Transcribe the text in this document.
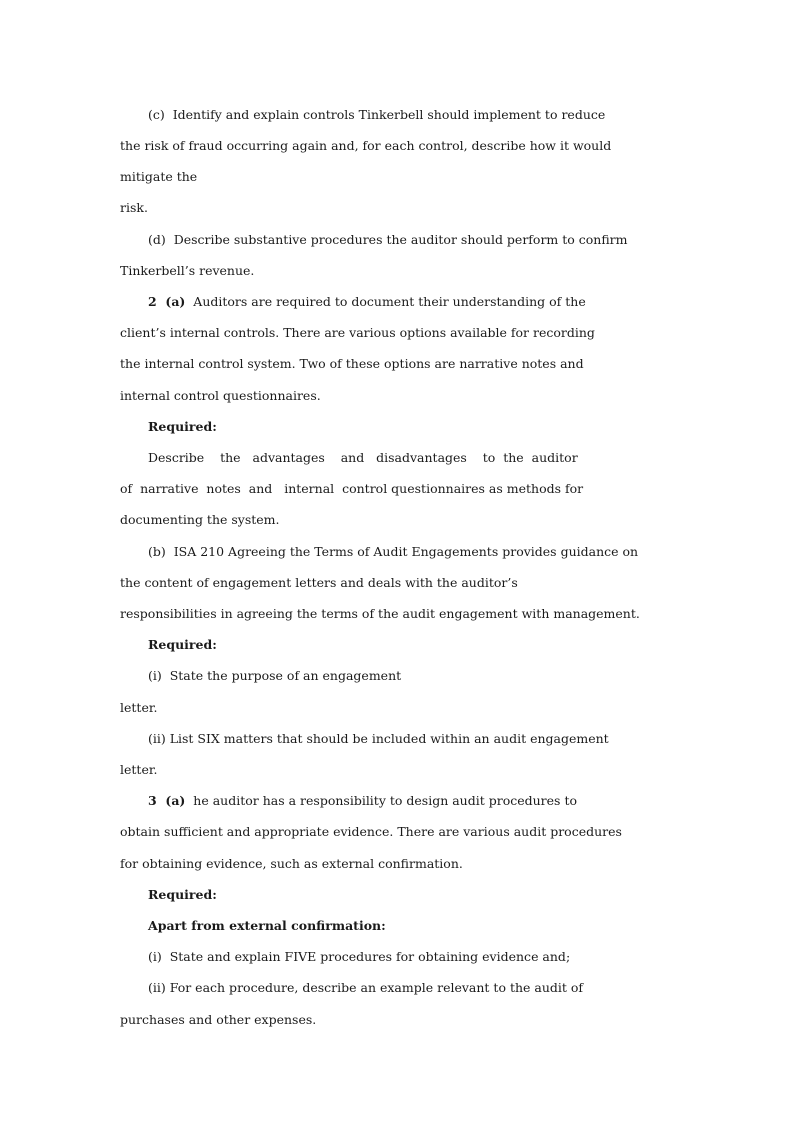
(c)  Identify and explain controls Tinkerbell should implement to reduce
the risk of fraud occurring again and, for each control, describe how it would
mitigate the
risk.
(d)  Describe substantive procedures the auditor should perform to confirm
Tinkerbell’s revenue.
2  (a) Auditors are required to document their understanding of the
client’s internal controls. There are various options available for recording
the internal control system. Two of these options are narrative notes and
internal control questionnaires.
Required:
Describe    the   advantages    and   disadvantages    to  the  auditor
of  narrative  notes  and   internal  control questionnaires as methods for
documenting the system.
(b)  ISA 210 Agreeing the Terms of Audit Engagements provides guidance on
the content of engagement letters and deals with the auditor’s
responsibilities in agreeing the terms of the audit engagement with management.
Required:
(i)  State the purpose of an engagement
letter.
(ii) List SIX matters that should be included within an audit engagement
letter.
3  (a) he auditor has a responsibility to design audit procedures to
obtain sufficient and appropriate evidence. There are various audit procedures
for obtaining evidence, such as external confirmation.
Required:
Apart from external confirmation:
(i)  State and explain FIVE procedures for obtaining evidence and;
(ii) For each procedure, describe an example relevant to the audit of
purchases and other expenses.
